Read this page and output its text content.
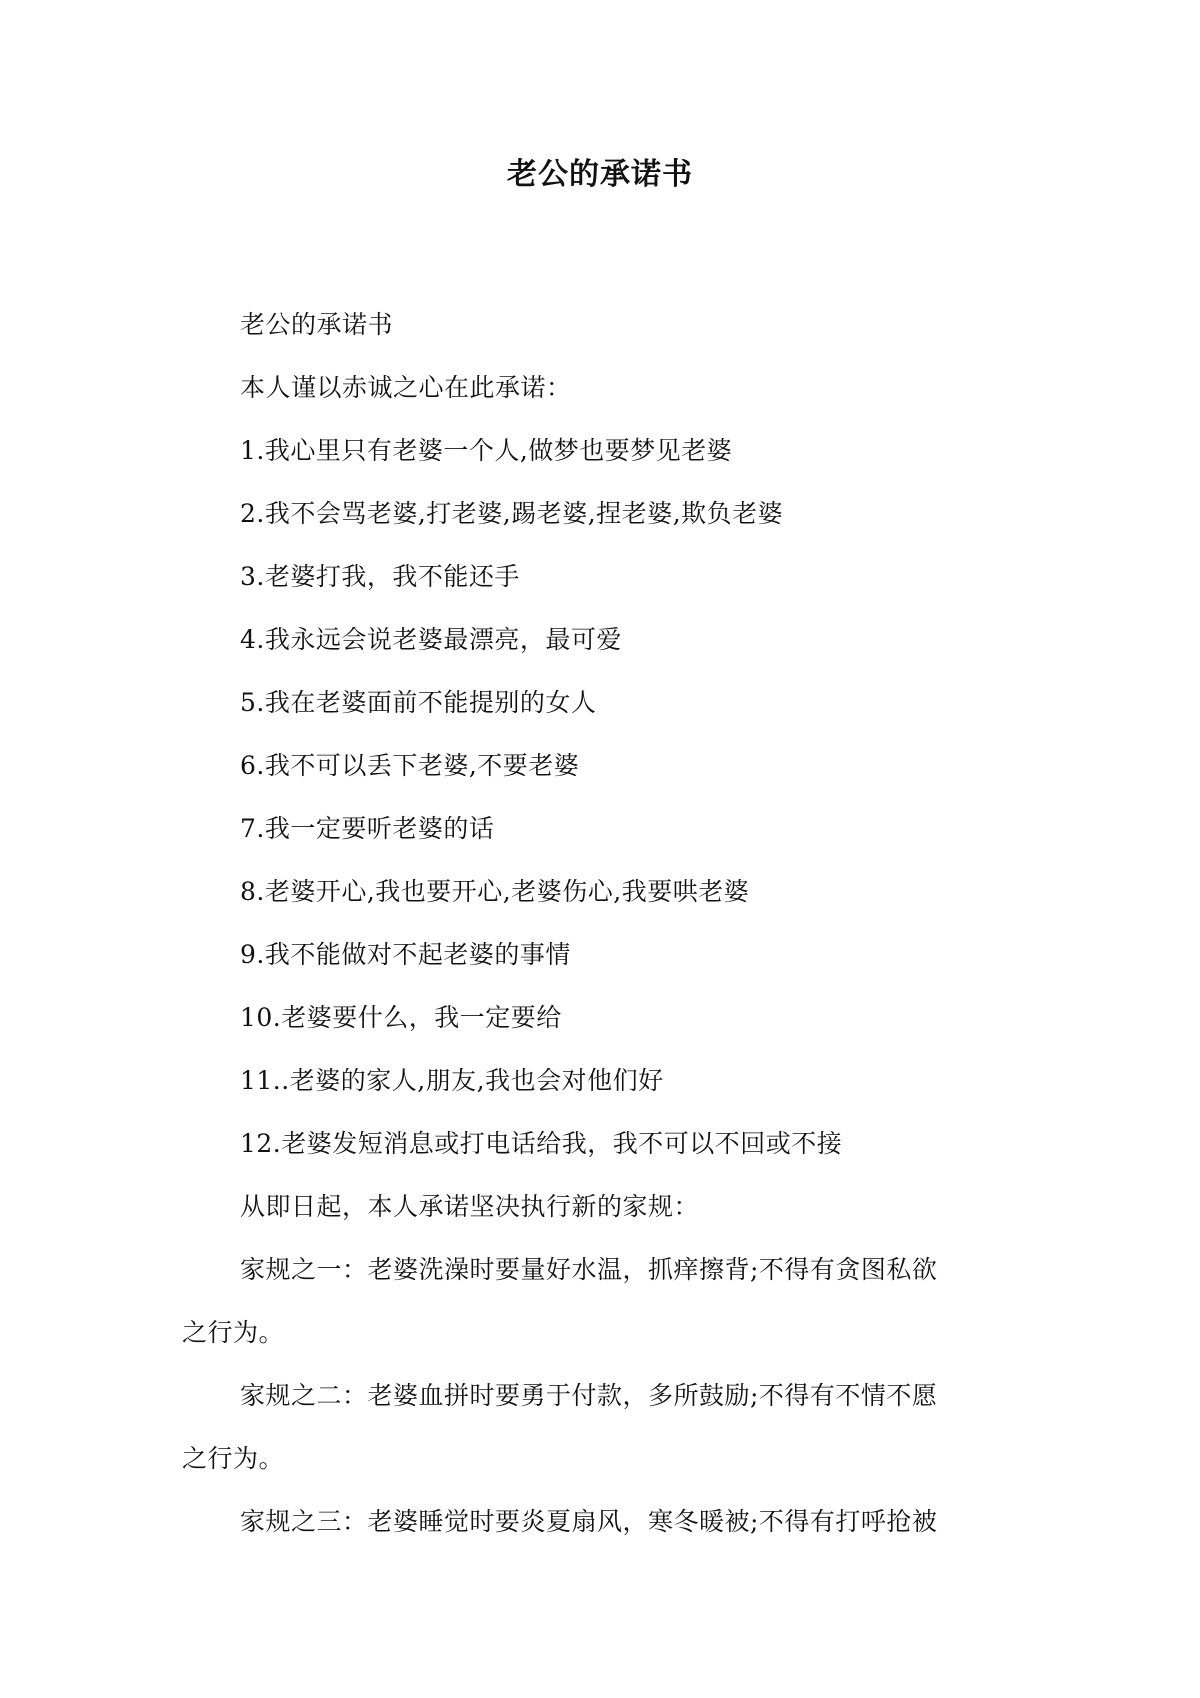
老公的承诺书
老公的承诺书
本人谨以赤诚之心在此承诺：
1.我心里只有老婆一个人,做梦也要梦见老婆
2.我不会骂老婆,打老婆,踢老婆,捏老婆,欺负老婆
3.老婆打我，我不能还手
4.我永远会说老婆最漂亮，最可爱
5.我在老婆面前不能提别的女人
6.我不可以丢下老婆,不要老婆
7.我一定要听老婆的话
8.老婆开心,我也要开心,老婆伤心,我要哄老婆
9.我不能做对不起老婆的事情
10.老婆要什么，我一定要给
11..老婆的家人,朋友,我也会对他们好
12.老婆发短消息或打电话给我，我不可以不回或不接
从即日起，本人承诺坚决执行新的家规：
家规之一：老婆洗澡时要量好水温，抓痒擦背;不得有贪图私欲
之行为。
家规之二：老婆血拼时要勇于付款，多所鼓励;不得有不情不愿
之行为。
家规之三：老婆睡觉时要炎夏扇风，寒冬暖被;不得有打呼抢被
